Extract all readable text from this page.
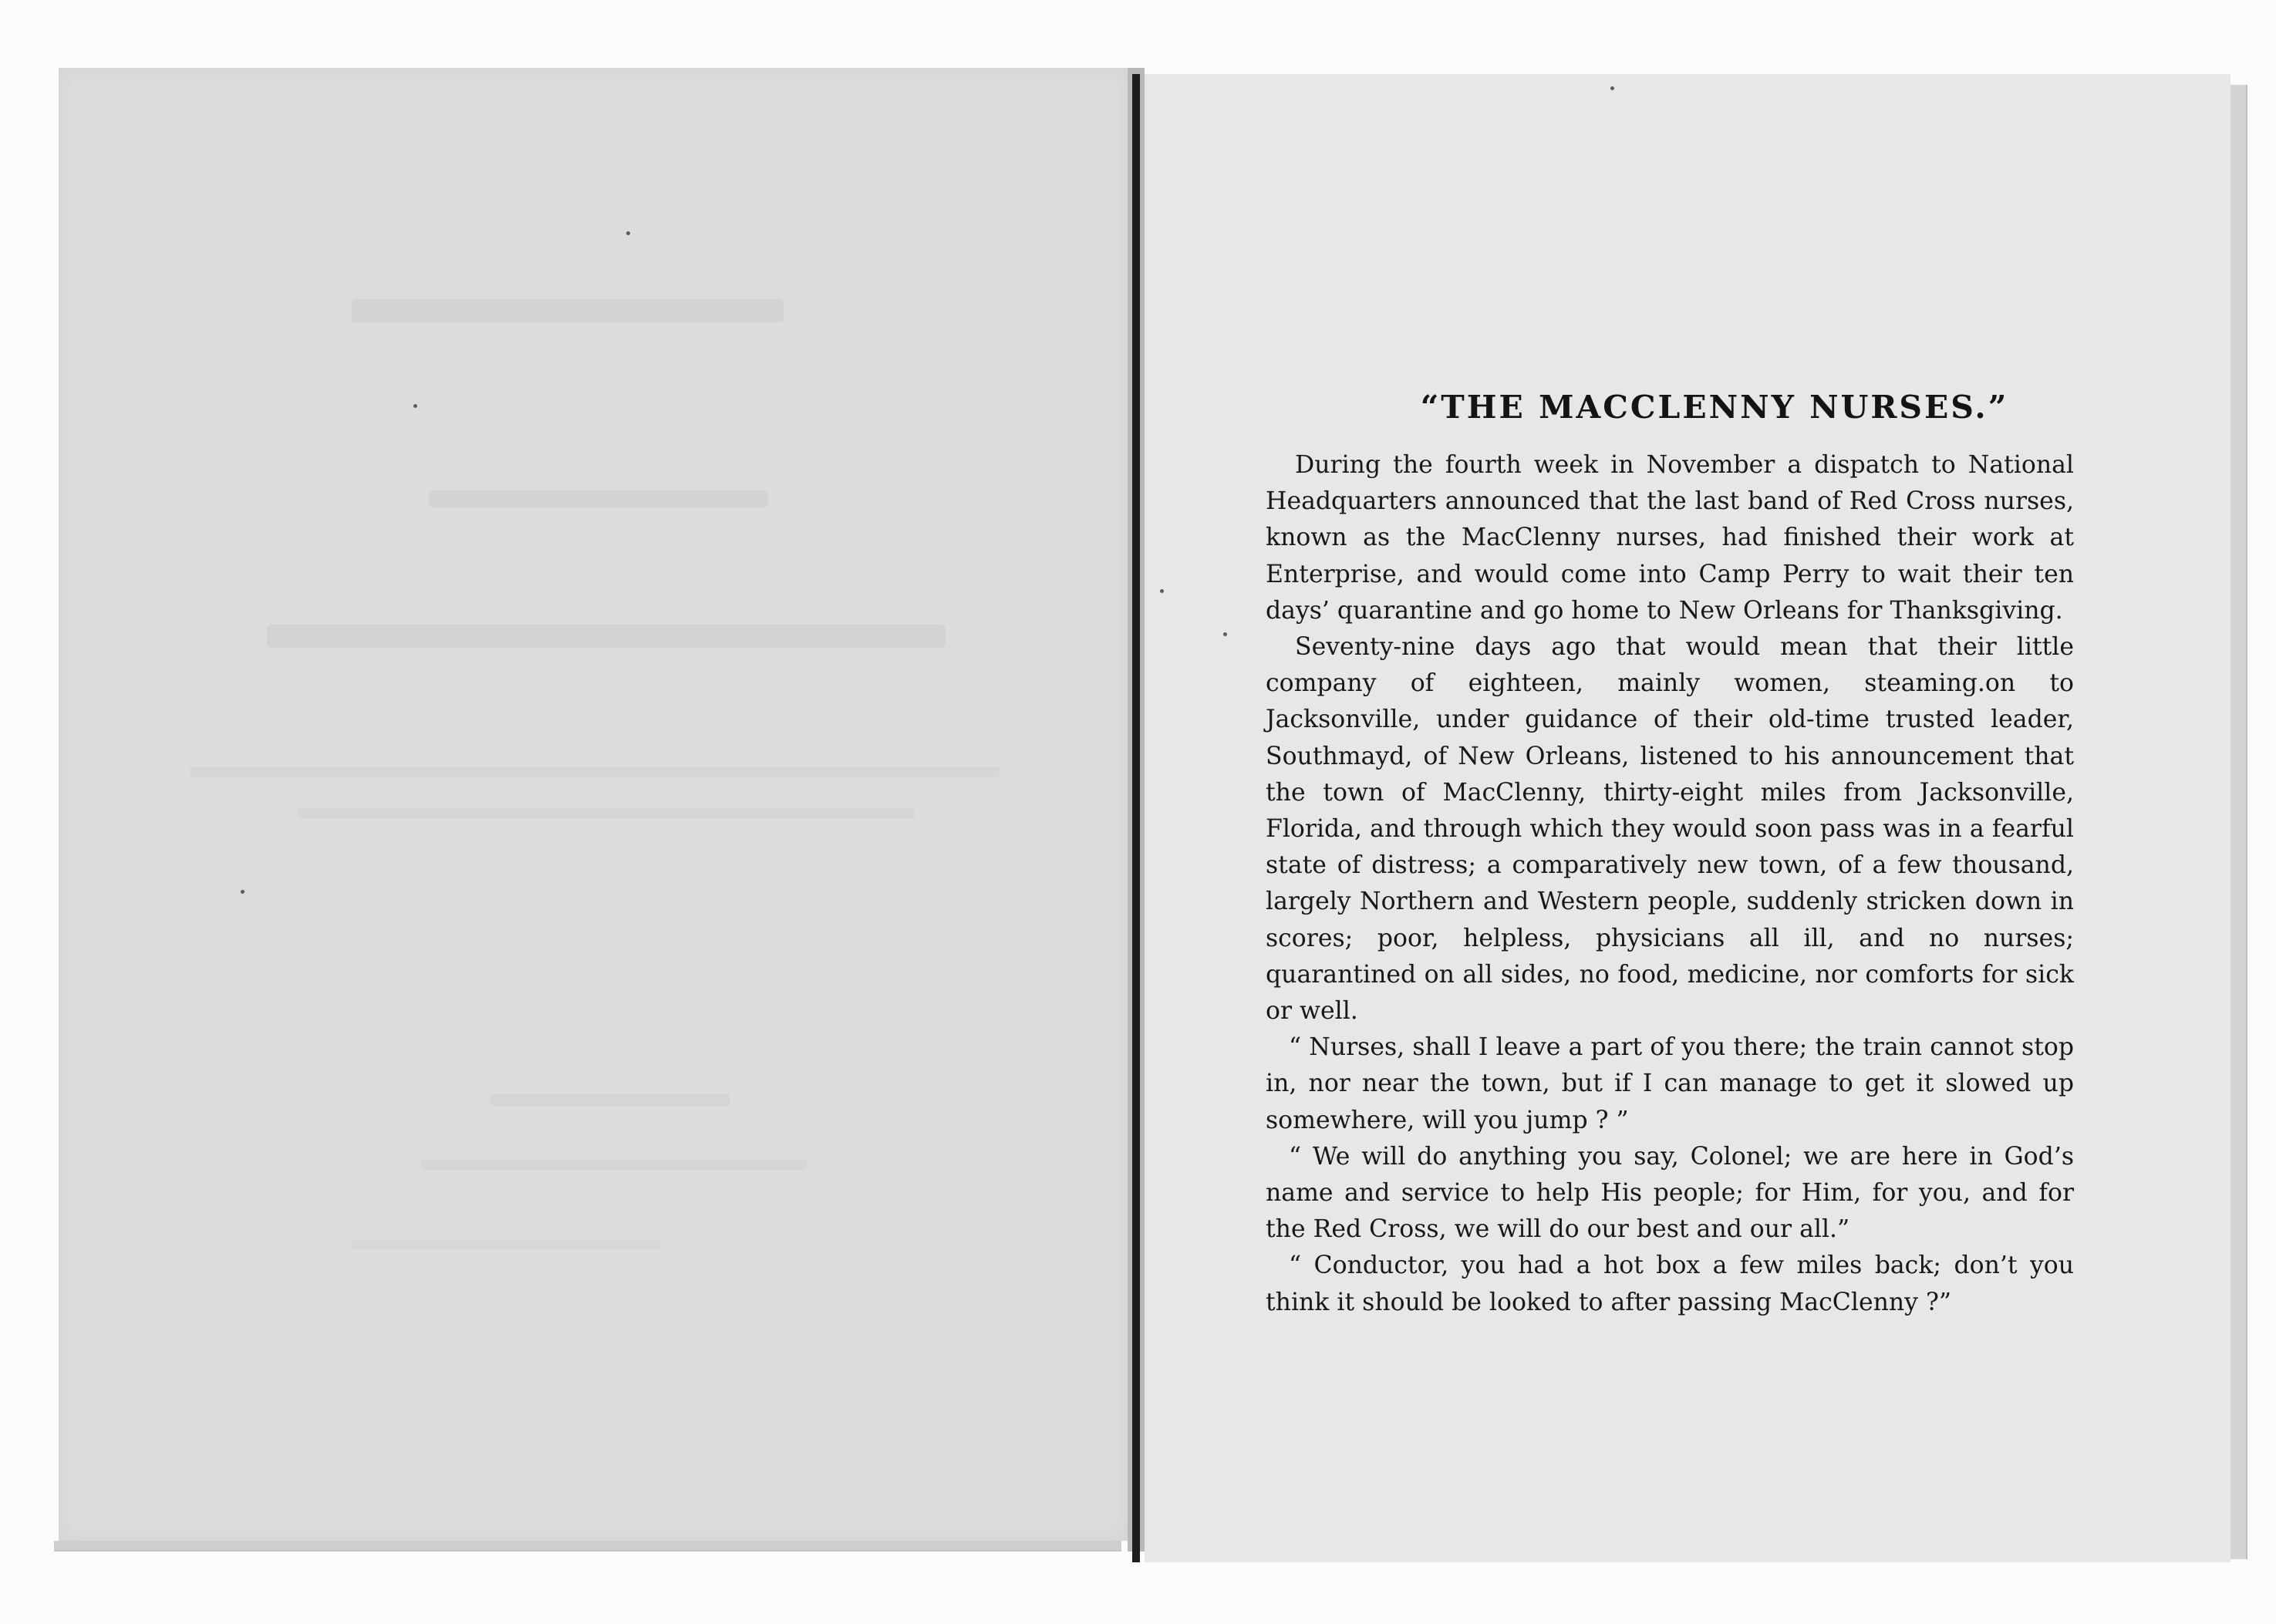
“THE MACCLENNY NURSES.”

During the fourth week in November a dispatch to National Headquarters announced that the last band of Red Cross nurses, known as the MacClenny nurses, had finished their work at Enterprise, and would come into Camp Perry to wait their ten days’ quarantine and go home to New Orleans for Thanksgiving.

Seventy-nine days ago that would mean that their little company of eighteen, mainly women, steaming.on to Jacksonville, under guidance of their old-time trusted leader, Southmayd, of New Orleans, listened to his announcement that the town of MacClenny, thirty-eight miles from Jacksonville, Florida, and through which they would soon pass was in a fearful state of distress; a comparatively new town, of a few thousand, largely Northern and Western people, suddenly stricken down in scores; poor, helpless, physicians all ill, and no nurses; quarantined on all sides, no food, medicine, nor comforts for sick or well.

“ Nurses, shall I leave a part of you there; the train cannot stop in, nor near the town, but if I can manage to get it slowed up somewhere, will you jump ? ”

“ We will do anything you say, Colonel; we are here in God’s name and service to help His people; for Him, for you, and for the Red Cross, we will do our best and our all.”

“ Conductor, you had a hot box a few miles back; don’t you think it should be looked to after passing MacClenny ?”
